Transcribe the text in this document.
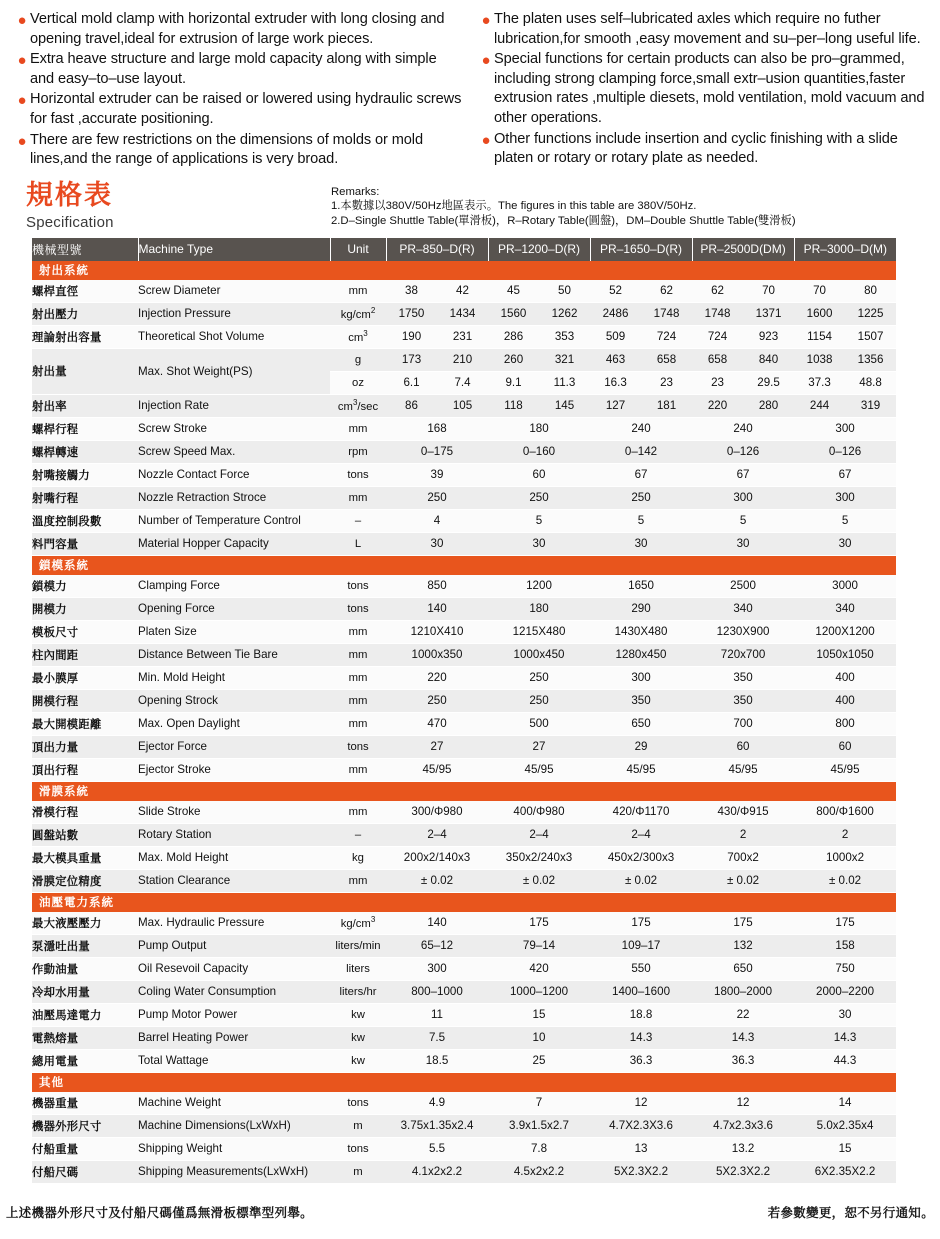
● Vertical mold clamp with horizontal extruder with long closing and opening travel,ideal for extrusion of large work pieces.
● Extra heave structure and large mold capacity along with simple and easy–to–use layout.
● Horizontal extruder can be raised or lowered using hydraulic screws for fast ,accurate positioning.
● There are few restrictions on the dimensions of molds or mold lines,and the range of applications is very broad.
● The platen uses self–lubricated axles which require no futher lubrication,for smooth ,easy movement and su–per–long useful life.
● Special functions for certain products can also be pro–grammed, including strong clamping force,small extr–usion quantities,faster extrusion rates ,multiple diesets, mold ventilation, mold vacuum and other operations.
● Other functions include insertion and cyclic finishing with a slide platen or rotary or rotary plate as needed.
規格表
Specification
Remarks:
1.本數據以380V/50Hz地區表示。The figures in this table are 380V/50Hz.
2.D–Single Shuttle Table(單滑板)，R–Rotary Table(圓盤)，DM–Double Shuttle Table(雙滑板)
機械型號	Machine Type	Unit	PR–850–D(R)		PR–1200–D(R)		PR–1650–D(R)		PR–2500D(DM)		PR–3000–D(M)	
射出系統												
螺桿直徑	Screw Diameter	mm	38	42	45	50	52	62	62	70	70	80
射出壓力	Injection Pressure	$kg/cm^2$	1750	1434	1560	1262	2486	1748	1748	1371	1600	1225
理論射出容量	Theoretical Shot Volume	$cm^3$	190	231	286	353	509	724	724	923	1154	1507
射出量	Max. Shot Weight(PS)	g	173	210	260	321	463	658	658	840	1038	1356
		oz	6.1	7.4	9.1	11.3	16.3	23	23	29.5	37.3	48.8
射出率	Injection Rate	$cm^3/\sec$	86	105	118	145	127	181	220	280	244	319
螺桿行程	Screw Stroke	mm	168		180		240		240		300	
螺桿轉速	Screw Speed Max.	rpm	0–175		0–160		0–142		0–126		0–126	
射嘴接觸力	Nozzle Contact Force	tons	39		60		67		67		67	
射嘴行程	Nozzle Retraction Stroce	mm	250		250		250		300		300	
溫度控制段數	Number of Temperature Control	–	4		5		5		5		5	
料門容量	Material Hopper Capacity	L	30		30		30		30		30	
鎖模系統												
鎖模力	Clamping Force	tons	850		1200		1650		2500		3000	
開模力	Opening Force	tons	140		180		290		340		340	
模板尺寸	Platen Size	mm	1210X410		1215X480		1430X480		1230X900		1200X1200	
柱內間距	Distance Between Tie Bare	mm	1000x350		1000x450		1280x450		720x700		1050x1050	
最小膜厚	Min. Mold Height	mm	220		250		300		350		400	
開模行程	Opening Strock	mm	250		250		350		350		400	
最大開模距離	Max. Open Daylight	mm	470		500		650		700		800	
頂出力量	Ejector Force	tons	27		27		29		60		60	
頂出行程	Ejector Stroke	mm	45/95		45/95		45/95		45/95		45/95	
滑膜系統												
滑模行程	Slide Stroke	mm	300/Φ980		400/Φ980		420/Φ1170		430/Φ915		800/Φ1600	
圓盤站數	Rotary Station	–	2–4		2–4		2–4		2		2	
最大模具重量	Max. Mold Height	kg	200x2/140x3		350x2/240x3		450x2/300x3		700x2		1000x2	
滑膜定位精度	Station Clearance	mm	± 0.02		± 0.02		± 0.02		± 0.02		± 0.02	
油壓電力系統												
最大液壓壓力	Max. Hydraulic Pressure	$kg/cm^3$	140		175		175		175		175	
泵濦吐出量	Pump Output	liters/min	65–12		79–14		109–17		132		158	
作動油量	Oil Resevoil Capacity	liters	300		420		550		650		750	
冷却水用量	Coling Water Consumption	liters/hr	800–1000		1000–1200		1400–1600		1800–2000		2000–2200	
油壓馬達電力	Pump Motor Power	kw	11		15		18.8		22		30	
電熱熔量	Barrel Heating Power	kw	7.5		10		14.3		14.3		14.3	
總用電量	Total Wattage	kw	18.5		25		36.3		36.3		44.3	
其他												
機器重量	Machine Weight	tons	4.9		7		12		12		14	
機器外形尺寸	Machine Dimensions(LxWxH)	m	3.75x1.35x2.4		3.9x1.5x2.7		4.7X2.3X3.6		4.7x2.3x3.6		5.0x2.35x4	
付船重量	Shipping Weight	tons	5.5		7.8		13		13.2		15	
付船尺碼	Shipping Measurements(LxWxH)	m	4.1x2x2.2		4.5x2x2.2		5X2.3X2.2		5X2.3X2.2		6X2.35X2.2	
上述機器外形尺寸及付船尺碼僅爲無滑板標準型列舉。	若參數變更，恕不另行通知。
